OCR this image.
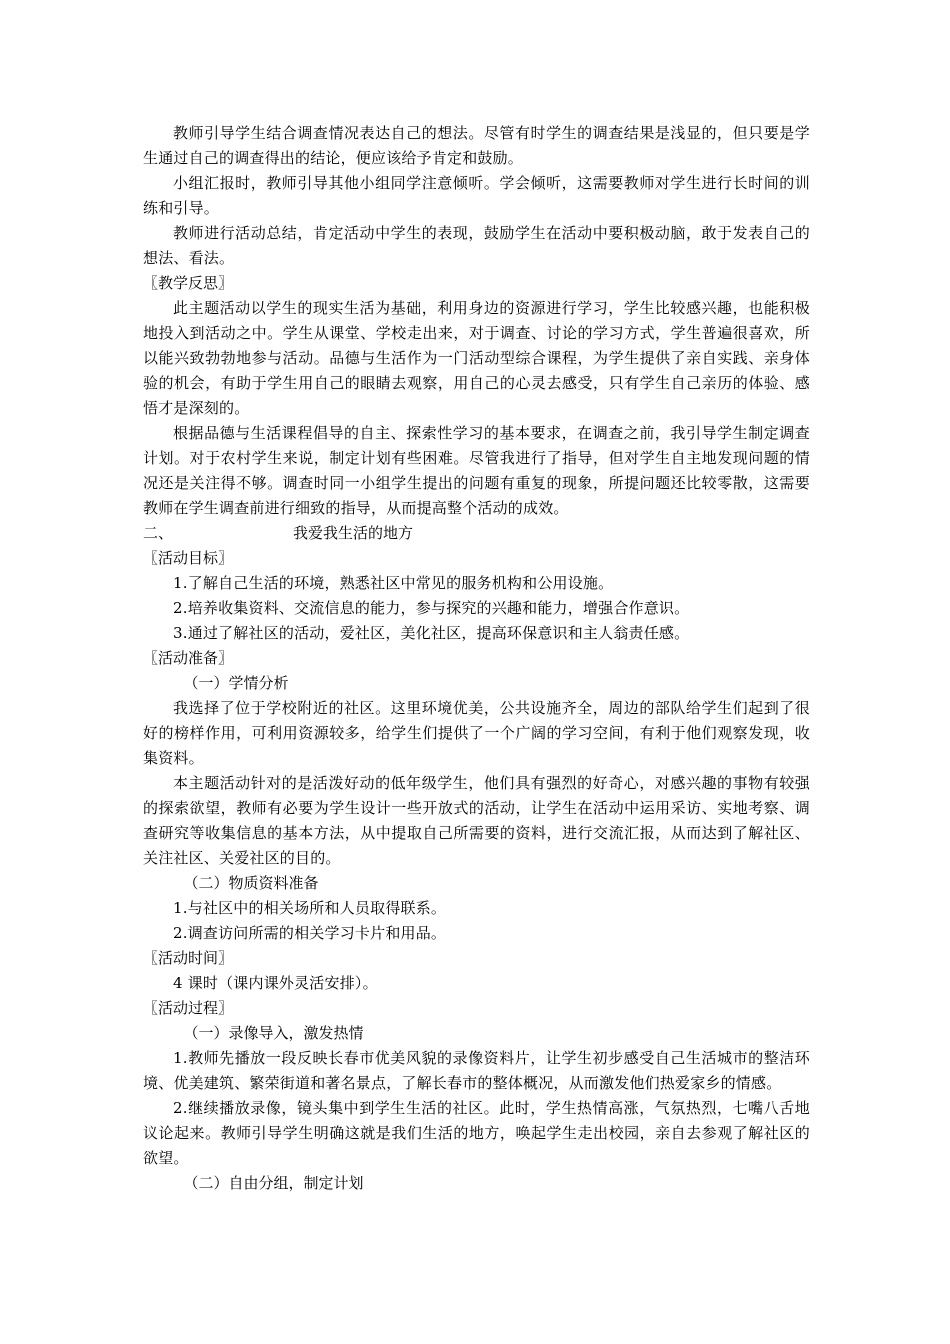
教师引导学生结合调查情况表达自己的想法。尽管有时学生的调查结果是浅显的，但只要是学生通过自己的调查得出的结论，便应该给予肯定和鼓励。

小组汇报时，教师引导其他小组同学注意倾听。学会倾听，这需要教师对学生进行长时间的训练和引导。

教师进行活动总结，肯定活动中学生的表现，鼓励学生在活动中要积极动脑，敢于发表自己的想法、看法。

〖教学反思〗

此主题活动以学生的现实生活为基础，利用身边的资源进行学习，学生比较感兴趣，也能积极地投入到活动之中。学生从课堂、学校走出来，对于调查、讨论的学习方式，学生普遍很喜欢，所以能兴致勃勃地参与活动。品德与生活作为一门活动型综合课程，为学生提供了亲自实践、亲身体验的机会，有助于学生用自己的眼睛去观察，用自己的心灵去感受，只有学生自己亲历的体验、感悟才是深刻的。

根据品德与生活课程倡导的自主、探索性学习的基本要求，在调查之前，我引导学生制定调查计划。对于农村学生来说，制定计划有些困难。尽管我进行了指导，但对学生自主地发现问题的情况还是关注得不够。调查时同一小组学生提出的问题有重复的现象，所提问题还比较零散，这需要教师在学生调查前进行细致的指导，从而提高整个活动的成效。

二、	我爱我生活的地方

〖活动目标〗

1.了解自己生活的环境，熟悉社区中常见的服务机构和公用设施。

2.培养收集资料、交流信息的能力，参与探究的兴趣和能力，增强合作意识。

3.通过了解社区的活动，爱社区，美化社区，提高环保意识和主人翁责任感。

〖活动准备〗

（一）学情分析

我选择了位于学校附近的社区。这里环境优美，公共设施齐全，周边的部队给学生们起到了很好的榜样作用，可利用资源较多，给学生们提供了一个广阔的学习空间，有利于他们观察发现，收集资料。

本主题活动针对的是活泼好动的低年级学生，他们具有强烈的好奇心，对感兴趣的事物有较强的探索欲望，教师有必要为学生设计一些开放式的活动，让学生在活动中运用采访、实地考察、调查研究等收集信息的基本方法，从中提取自己所需要的资料，进行交流汇报，从而达到了解社区、关注社区、关爱社区的目的。

（二）物质资料准备

1.与社区中的相关场所和人员取得联系。

2.调查访问所需的相关学习卡片和用品。

〖活动时间〗

4 课时（课内课外灵活安排）。

〖活动过程〗

（一）录像导入，激发热情

1.教师先播放一段反映长春市优美风貌的录像资料片，让学生初步感受自己生活城市的整洁环境、优美建筑、繁荣街道和著名景点，了解长春市的整体概况，从而激发他们热爱家乡的情感。

2.继续播放录像，镜头集中到学生生活的社区。此时，学生热情高涨，气氛热烈，七嘴八舌地议论起来。教师引导学生明确这就是我们生活的地方，唤起学生走出校园，亲自去参观了解社区的欲望。

（二）自由分组，制定计划
